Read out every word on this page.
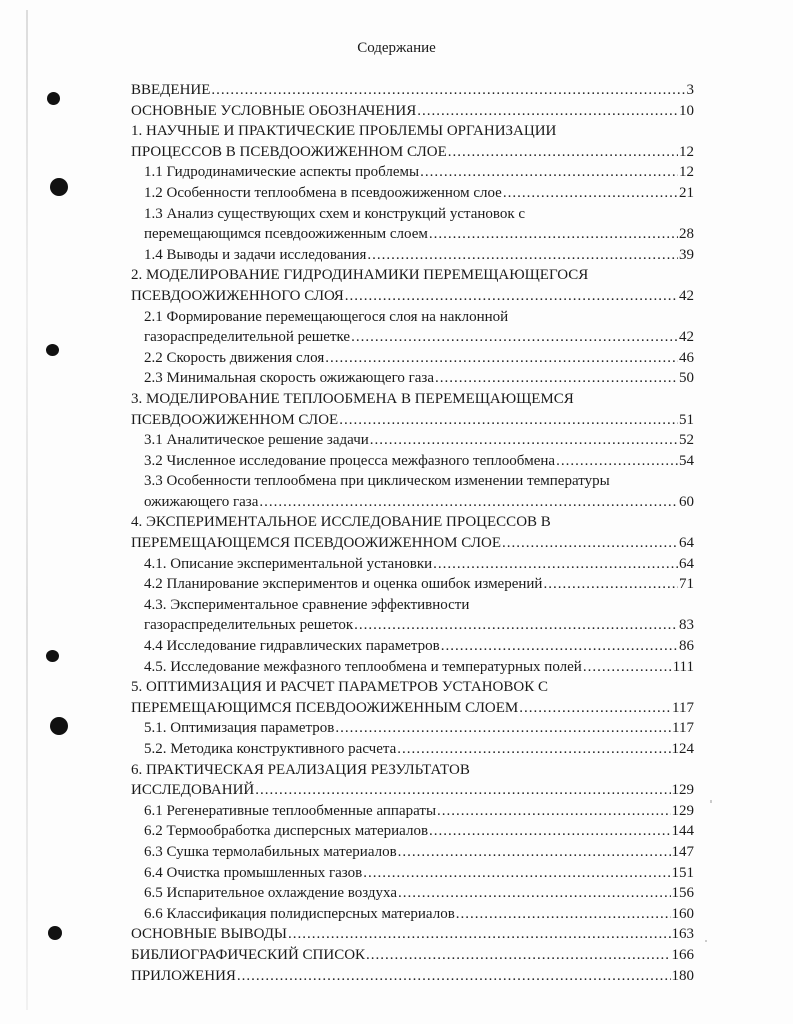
Содержание
ВВЕДЕНИЕ .....	3
ОСНОВНЫЕ УСЛОВНЫЕ ОБОЗНАЧЕНИЯ .....	10
1. НАУЧНЫЕ И ПРАКТИЧЕСКИЕ ПРОБЛЕМЫ ОРГАНИЗАЦИИ
ПРОЦЕССОВ В ПСЕВДООЖИЖЕННОМ СЛОЕ .....	12
1.1 Гидродинамические аспекты проблемы .....	12
1.2 Особенности теплообмена в псевдоожиженном слое .....	21
1.3 Анализ существующих схем и конструкций установок с
перемещающимся псевдоожиженным слоем .....	28
1.4 Выводы и задачи исследования .....	39
2. МОДЕЛИРОВАНИЕ ГИДРОДИНАМИКИ ПЕРЕМЕЩАЮЩЕГОСЯ
ПСЕВДООЖИЖЕННОГО СЛОЯ .....	42
2.1 Формирование перемещающегося слоя на наклонной
газораспределительной решетке .....	42
2.2 Скорость движения слоя .....	46
2.3 Минимальная скорость ожижающего газа .....	50
3. МОДЕЛИРОВАНИЕ ТЕПЛООБМЕНА В ПЕРЕМЕЩАЮЩЕМСЯ
ПСЕВДООЖИЖЕННОМ СЛОЕ .....	51
3.1 Аналитическое решение задачи .....	52
3.2 Численное исследование процесса межфазного теплообмена .....	54
3.3 Особенности теплообмена при циклическом изменении температуры
ожижающего газа .....	60
4. ЭКСПЕРИМЕНТАЛЬНОЕ ИССЛЕДОВАНИЕ ПРОЦЕССОВ В
ПЕРЕМЕЩАЮЩЕМСЯ ПСЕВДООЖИЖЕННОМ СЛОЕ .....	64
4.1. Описание экспериментальной установки .....	64
4.2 Планирование экспериментов и оценка ошибок измерений .....	71
4.3. Экспериментальное сравнение эффективности
газораспределительных решеток .....	83
4.4 Исследование гидравлических параметров .....	86
4.5. Исследование межфазного теплообмена и температурных полей .....	111
5. ОПТИМИЗАЦИЯ И РАСЧЕТ ПАРАМЕТРОВ УСТАНОВОК С
ПЕРЕМЕЩАЮЩИМСЯ ПСЕВДООЖИЖЕННЫМ СЛОЕМ .....	117
5.1. Оптимизация параметров .....	117
5.2. Методика конструктивного расчета .....	124
6. ПРАКТИЧЕСКАЯ РЕАЛИЗАЦИЯ РЕЗУЛЬТАТОВ
ИССЛЕДОВАНИЙ .....	129
6.1 Регенеративные теплообменные аппараты .....	129
6.2 Термообработка дисперсных материалов .....	144
6.3 Сушка термолабильных материалов .....	147
6.4 Очистка промышленных газов .....	151
6.5 Испарительное охлаждение воздуха .....	156
6.6 Классификация полидисперсных материалов .....	160
ОСНОВНЫЕ ВЫВОДЫ .....	163
БИБЛИОГРАФИЧЕСКИЙ СПИСОК .....	166
ПРИЛОЖЕНИЯ .....	180
